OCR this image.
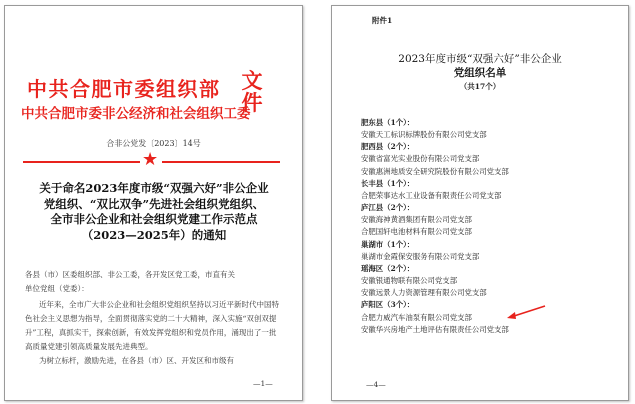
中共合肥市委组织部
中共合肥市委非公经济和社会组织工委
文件
合非公党发〔2023〕14号
★
关于命名2023年度市级“双强六好”非公企业
党组织、“双比双争”先进社会组织党组织、
全市非公企业和社会组织党建工作示范点
（2023—2025年）的通知
各县（市）区委组织部、非公工委，各开发区党工委，市直有关
单位党组（党委）：

近年来，全市广大非公企业和社会组织党组织坚持以习近平新时代中国特色社会主义思想为指导，全面贯彻落实党的二十大精神，深入实施“双创双提升”工程，真抓实干，探索创新，有效发挥党组织和党员作用，涌现出了一批高质量党建引领高质量发展先进典型。

为树立标杆，激励先进，在各县（市）区、开发区和市级有

—1—
附件1
2023年度市级“双强六好”非公企业
党组织名单
（共17个）
肥东县（1个）：
安徽天工标识标牌股份有限公司党支部
肥西县（2个）：
安徽省富光实业股份有限公司党支部
安徽惠洲地质安全研究院股份有限公司党支部
长丰县（1个）：
合肥荣事达水工业设备有限责任公司党支部
庐江县（2个）：
安徽海神黄酒集团有限公司党支部
合肥国轩电池材料有限公司党支部
巢湖市（1个）：
巢湖市金霞保安服务有限公司党支部
瑶海区（2个）：
安徽银通物联有限公司党支部
安徽远景人力资源管理有限公司党支部
庐阳区（3个）：
合肥力威汽车油泵有限公司党支部
安徽华兴房地产土地评估有限责任公司党支部
—4—
